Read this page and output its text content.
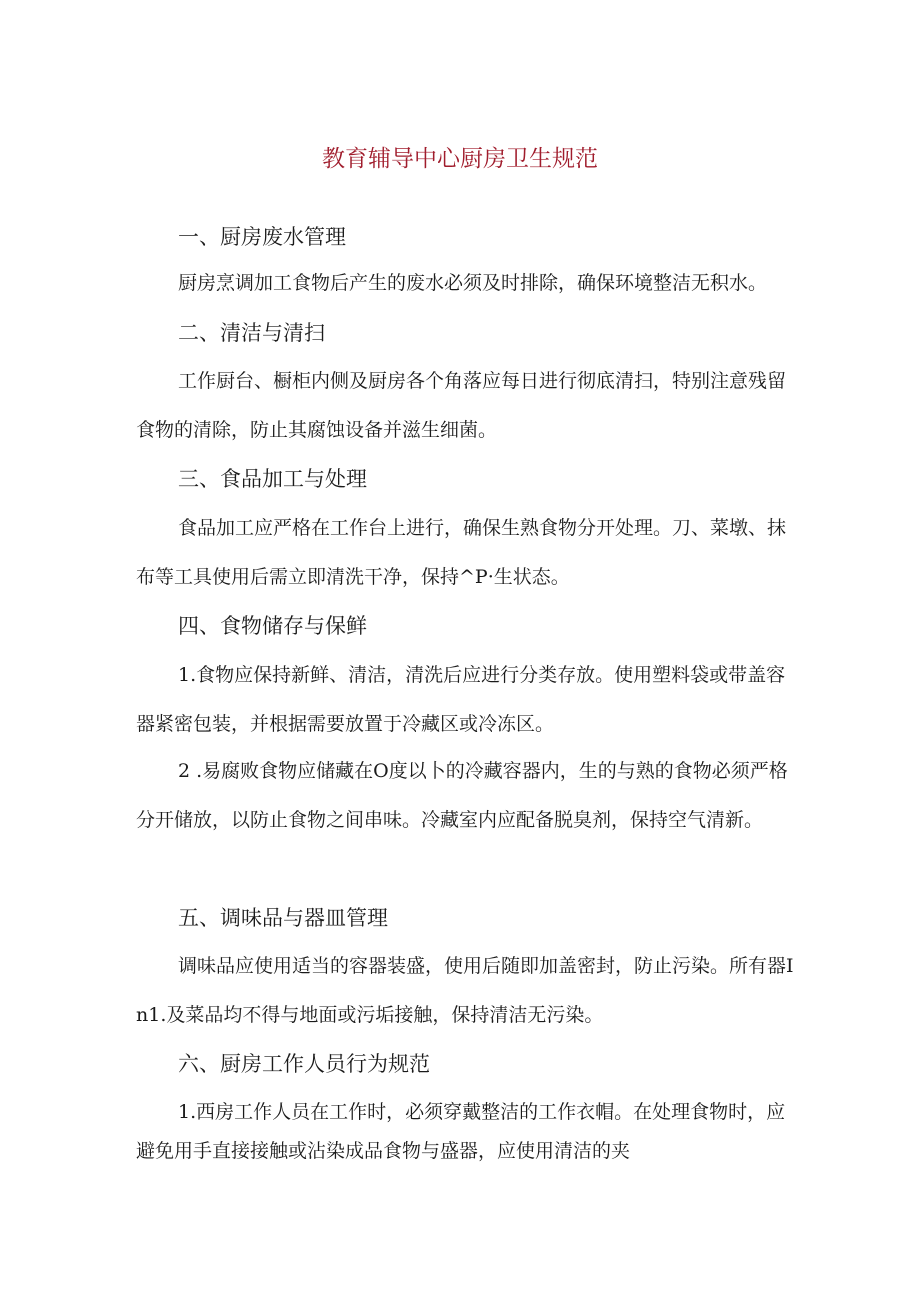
教育辅导中心厨房卫生规范
一、厨房废水管理
厨房烹调加工食物后产生的废水必须及时排除，确保环境整洁无积水。
二、清洁与清扫
工作厨台、橱柜内侧及厨房各个角落应每日进行彻底清扫，特别注意残留食物的清除，防止其腐蚀设备并滋生细菌。
三、食品加工与处理
食品加工应严格在工作台上进行，确保生熟食物分开处理。刀、菜墩、抹布等工具使用后需立即清洗干净，保持^P·生状态。
四、食物储存与保鲜
1.食物应保持新鲜、清洁，清洗后应进行分类存放。使用塑料袋或带盖容器紧密包装，并根据需要放置于冷藏区或冷冻区。
2 .易腐败食物应储藏在O度以卜的冷藏容器内，生的与熟的食物必须严格分开储放，以防止食物之间串味。冷藏室内应配备脱臭剂，保持空气清新。
五、调味品与器皿管理
调味品应使用适当的容器装盛，使用后随即加盖密封，防止污染。所有器In1.及菜品均不得与地面或污垢接触，保持清洁无污染。
六、厨房工作人员行为规范
1.西房工作人员在工作时，必须穿戴整洁的工作衣帽。在处理食物时，应避免用手直接接触或沾染成品食物与盛器，应使用清洁的夹
